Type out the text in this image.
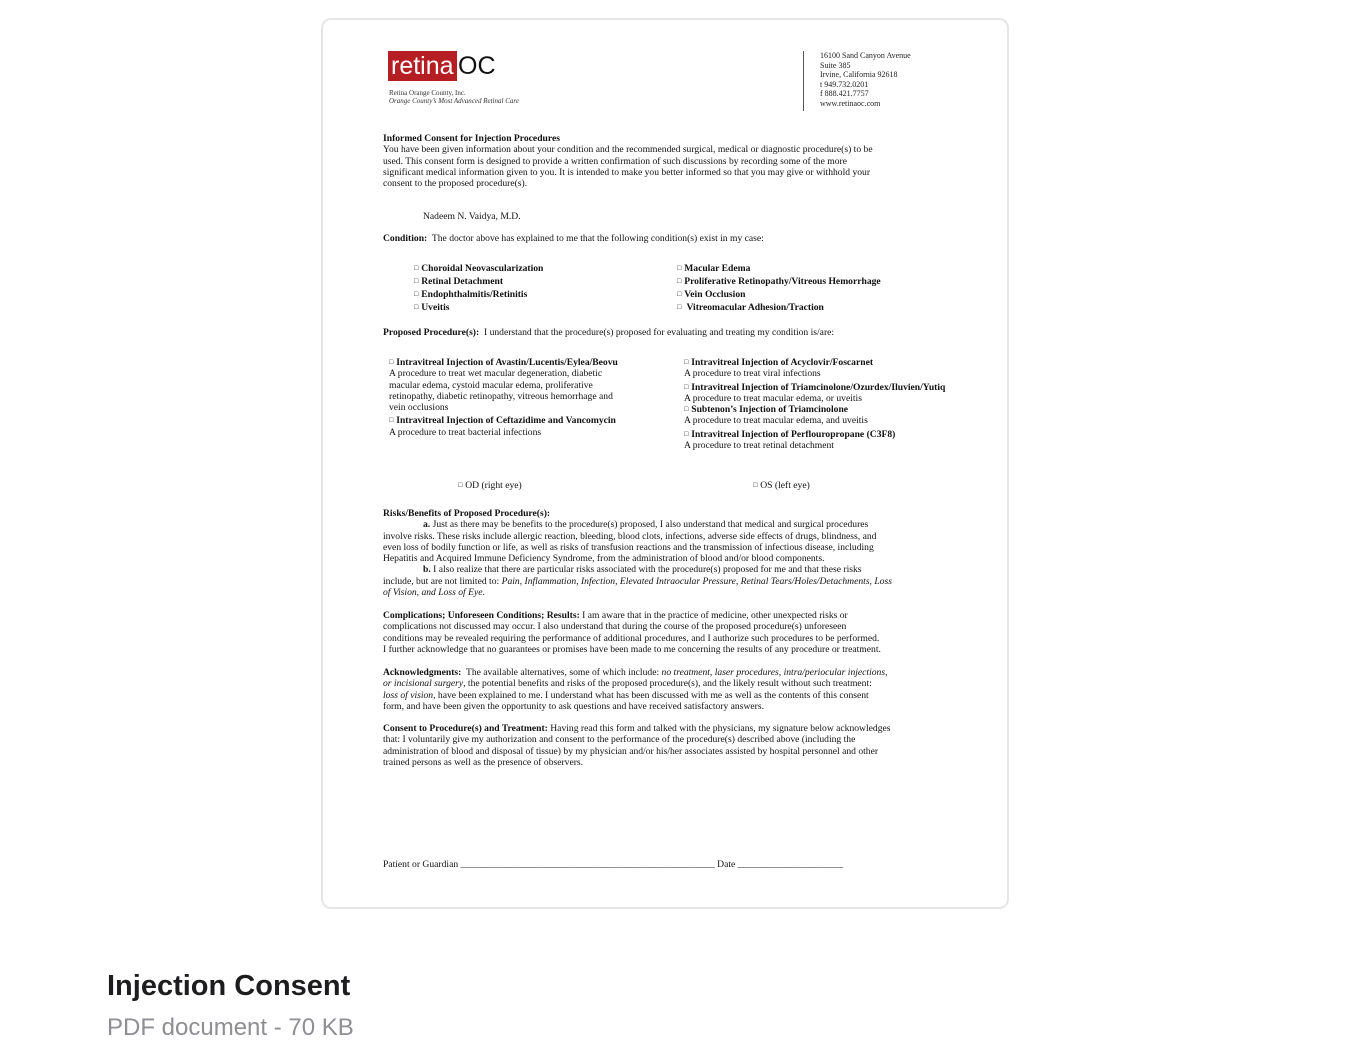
retina OC
Retina Orange County, Inc.
Orange County’s Most Advanced Retinal Care
16100 Sand Canyon Avenue
Suite 385
Irvine, California 92618
t 949.732.0201
f 888.421.7757
www.retinaoc.com
Informed Consent for Injection Procedures
You have been given information about your condition and the recommended surgical, medical or diagnostic procedure(s) to be
used. This consent form is designed to provide a written confirmation of such discussions by recording some of the more
significant medical information given to you. It is intended to make you better informed so that you may give or withhold your
consent to the proposed procedure(s).
Nadeem N. Vaidya, M.D.
Condition: The doctor above has explained to me that the following condition(s) exist in my case:
□ Choroidal Neovascularization
□ Retinal Detachment
□ Endophthalmitis/Retinitis
□ Uveitis
□ Macular Edema
□ Proliferative Retinopathy/Vitreous Hemorrhage
□ Vein Occlusion
□ Vitreomacular Adhesion/Traction
Proposed Procedure(s): I understand that the procedure(s) proposed for evaluating and treating my condition is/are:
□ Intravitreal Injection of Avastin/Lucentis/Eylea/Beovu
A procedure to treat wet macular degeneration, diabetic
macular edema, cystoid macular edema, proliferative
retinopathy, diabetic retinopathy, vitreous hemorrhage and
vein occlusions
□ Intravitreal Injection of Ceftazidime and Vancomycin
A procedure to treat bacterial infections
□ Intravitreal Injection of Acyclovir/Foscarnet
A procedure to treat viral infections
□ Intravitreal Injection of Triamcinolone/Ozurdex/Iluvien/Yutiq
A procedure to treat macular edema, or uveitis
□ Subtenon’s Injection of Triamcinolone
A procedure to treat macular edema, and uveitis
□ Intravitreal Injection of Perflouropropane (C3F8)
A procedure to treat retinal detachment
□ OD (right eye)	□ OS (left eye)
Risks/Benefits of Proposed Procedure(s):
a. Just as there may be benefits to the procedure(s) proposed, I also understand that medical and surgical procedures
involve risks. These risks include allergic reaction, bleeding, blood clots, infections, adverse side effects of drugs, blindness, and
even loss of bodily function or life, as well as risks of transfusion reactions and the transmission of infectious disease, including
Hepatitis and Acquired Immune Deficiency Syndrome, from the administration of blood and/or blood components.
b. I also realize that there are particular risks associated with the procedure(s) proposed for me and that these risks
include, but are not limited to: Pain, Inflammation, Infection, Elevated Intraocular Pressure, Retinal Tears/Holes/Detachments, Loss
of Vision, and Loss of Eye.
Complications; Unforeseen Conditions; Results: I am aware that in the practice of medicine, other unexpected risks or
complications not discussed may occur. I also understand that during the course of the proposed procedure(s) unforeseen
conditions may be revealed requiring the performance of additional procedures, and I authorize such procedures to be performed.
I further acknowledge that no guarantees or promises have been made to me concerning the results of any procedure or treatment.
Acknowledgments:  The available alternatives, some of which include: no treatment, laser procedures, intra/periocular injections,
or incisional surgery, the potential benefits and risks of the proposed procedure(s), and the likely result without such treatment:
loss of vision, have been explained to me. I understand what has been discussed with me as well as the contents of this consent
form, and have been given the opportunity to ask questions and have received satisfactory answers.
Consent to Procedure(s) and Treatment: Having read this form and talked with the physicians, my signature below acknowledges
that: I voluntarily give my authorization and consent to the performance of the procedure(s) described above (including the
administration of blood and disposal of tissue) by my physician and/or his/her associates assisted by hospital personnel and other
trained persons as well as the presence of observers.
Patient or Guardian _____________________________________________________ Date ______________________
Injection Consent
PDF document - 70 KB
